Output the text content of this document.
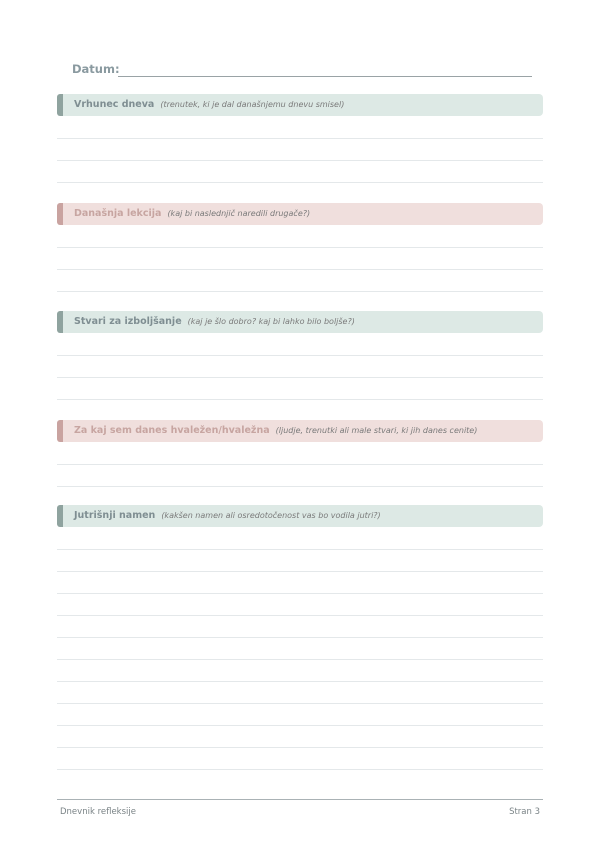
Datum:
Vrhunec dneva (trenutek, ki je dal današnjemu dnevu smisel)
Današnja lekcija (kaj bi naslednjič naredili drugače?)
Stvari za izboljšanje (kaj je šlo dobro? kaj bi lahko bilo boljše?)
Za kaj sem danes hvaležen/hvaležna (ljudje, trenutki ali male stvari, ki jih danes cenite)
Jutrišnji namen (kakšen namen ali osredotočenost vas bo vodila jutri?)
Dnevnik refleksije	Stran 3
